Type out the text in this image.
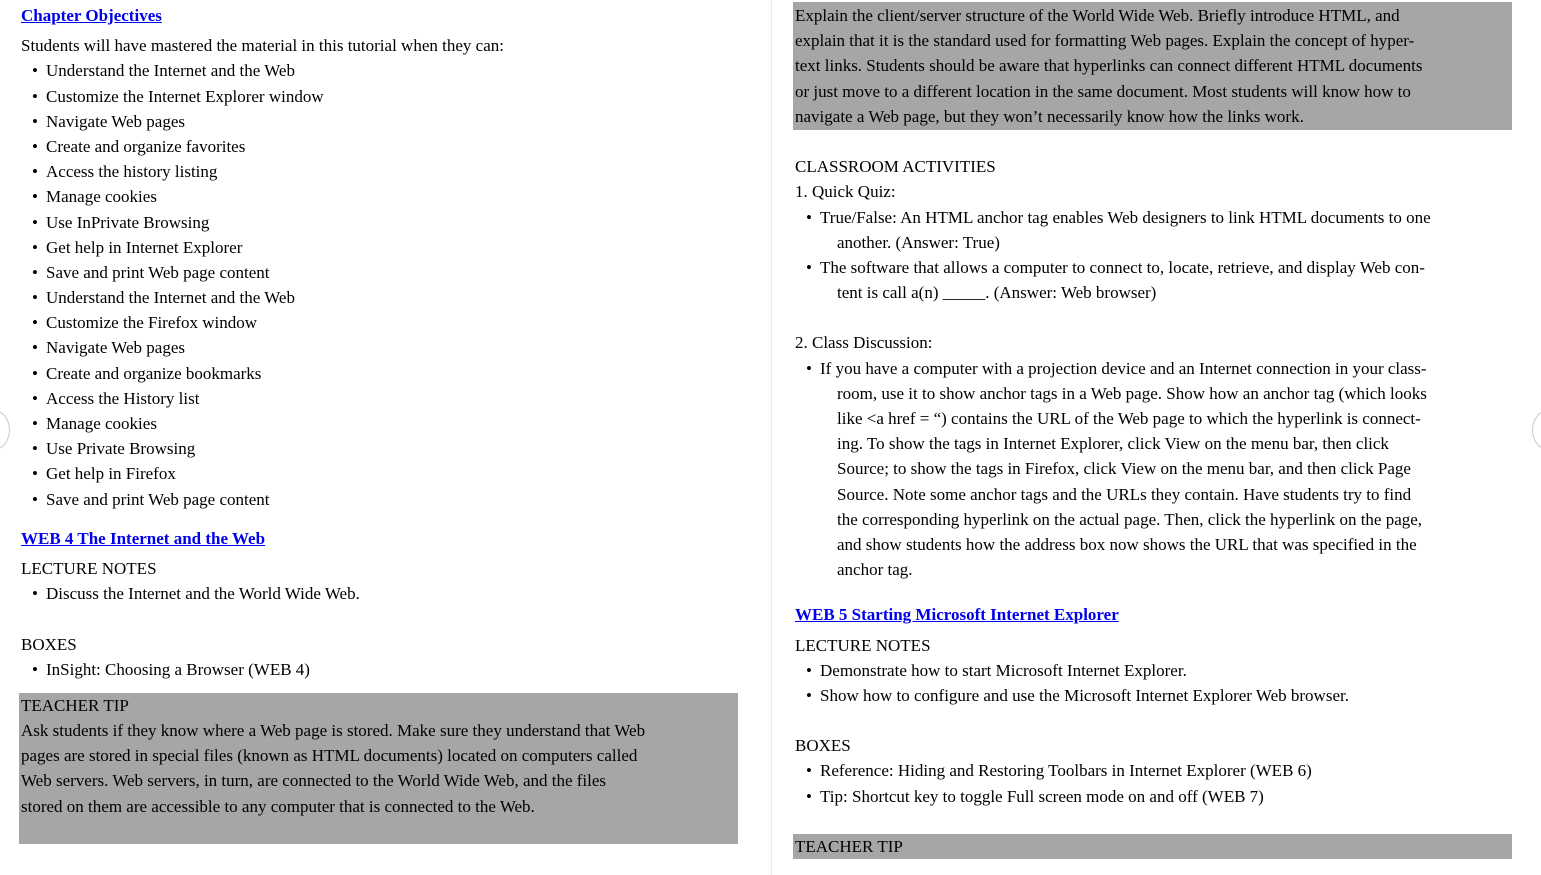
Chapter Objectives
Students will have mastered the material in this tutorial when they can:
• Understand the Internet and the Web
• Customize the Internet Explorer window
• Navigate Web pages
• Create and organize favorites
• Access the history listing
• Manage cookies
• Use InPrivate Browsing
• Get help in Internet Explorer
• Save and print Web page content
• Understand the Internet and the Web
• Customize the Firefox window
• Navigate Web pages
• Create and organize bookmarks
• Access the History list
• Manage cookies
• Use Private Browsing
• Get help in Firefox
• Save and print Web page content
WEB 4 The Internet and the Web
LECTURE NOTES
• Discuss the Internet and the World Wide Web.
BOXES
• InSight: Choosing a Browser (WEB 4)
TEACHER TIP
Ask students if they know where a Web page is stored. Make sure they understand that Web
pages are stored in special files (known as HTML documents) located on computers called
Web servers. Web servers, in turn, are connected to the World Wide Web, and the files
stored on them are accessible to any computer that is connected to the Web.
Explain the client/server structure of the World Wide Web. Briefly introduce HTML, and
explain that it is the standard used for formatting Web pages. Explain the concept of hyper-
text links. Students should be aware that hyperlinks can connect different HTML documents
or just move to a different location in the same document. Most students will know how to
navigate a Web page, but they won’t necessarily know how the links work.
CLASSROOM ACTIVITIES
1. Quick Quiz:
• True/False: An HTML anchor tag enables Web designers to link HTML documents to one
another. (Answer: True)
• The software that allows a computer to connect to, locate, retrieve, and display Web con-
tent is call a(n) _____. (Answer: Web browser)
2. Class Discussion:
• If you have a computer with a projection device and an Internet connection in your class-
room, use it to show anchor tags in a Web page. Show how an anchor tag (which looks
like <a href = “) contains the URL of the Web page to which the hyperlink is connect-
ing. To show the tags in Internet Explorer, click View on the menu bar, then click
Source; to show the tags in Firefox, click View on the menu bar, and then click Page
Source. Note some anchor tags and the URLs they contain. Have students try to find
the corresponding hyperlink on the actual page. Then, click the hyperlink on the page,
and show students how the address box now shows the URL that was specified in the
anchor tag.
WEB 5 Starting Microsoft Internet Explorer
LECTURE NOTES
• Demonstrate how to start Microsoft Internet Explorer.
• Show how to configure and use the Microsoft Internet Explorer Web browser.
BOXES
• Reference: Hiding and Restoring Toolbars in Internet Explorer (WEB 6)
• Tip: Shortcut key to toggle Full screen mode on and off (WEB 7)
TEACHER TIP
